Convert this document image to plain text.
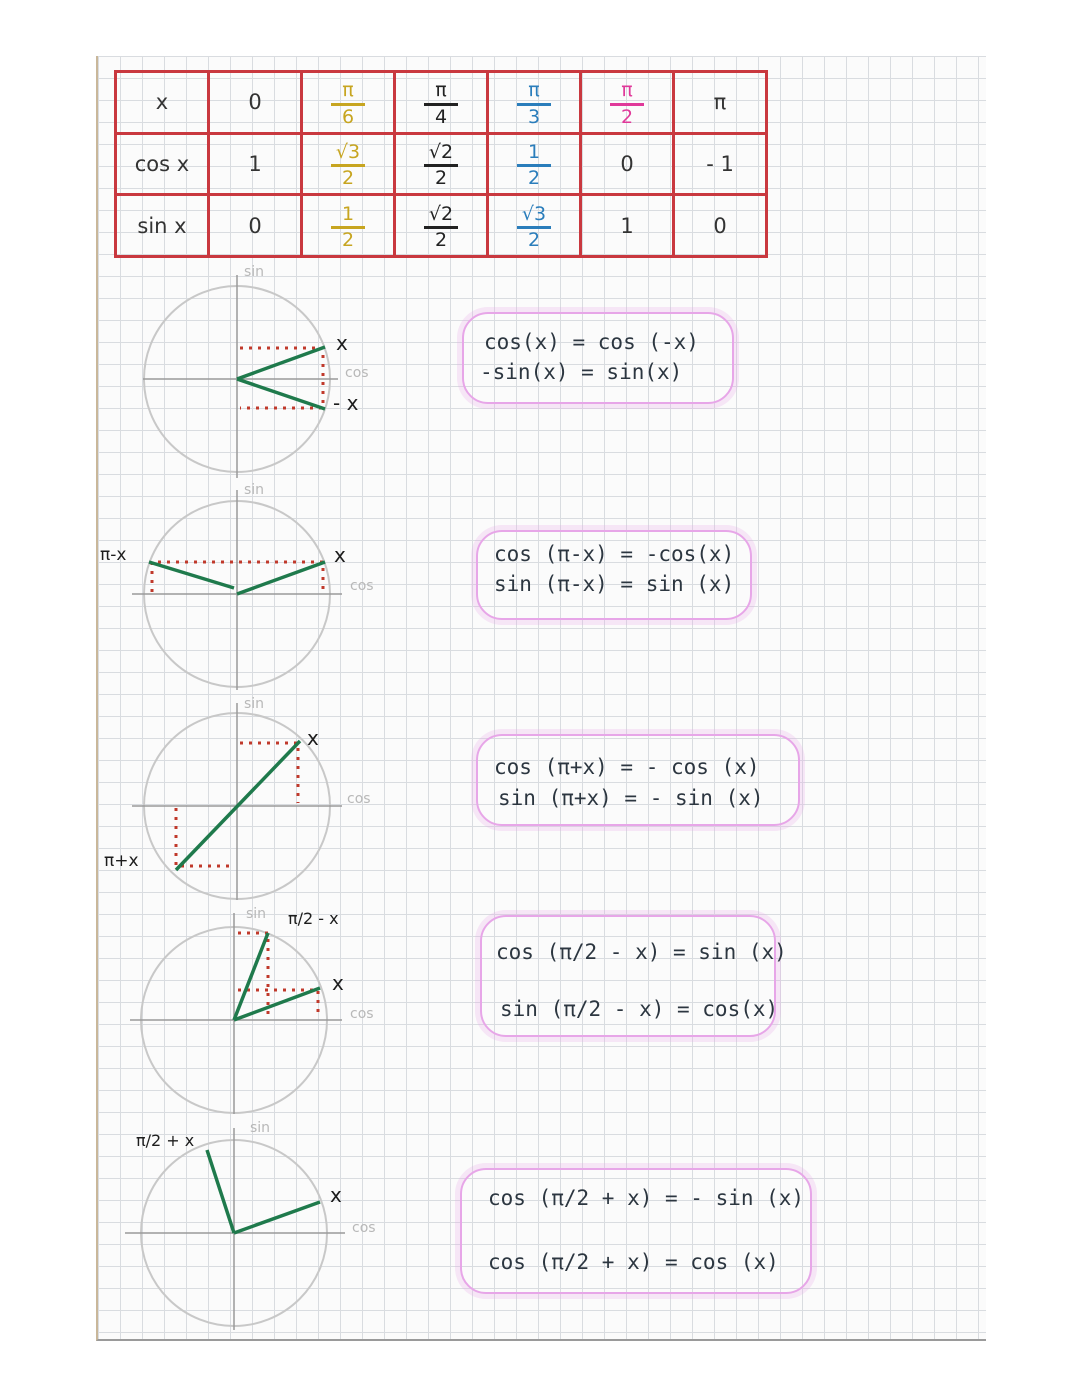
x	0	$\frac{\pi}{6}$	$\frac{\pi}{4}$	$\frac{\pi}{3}$	$\frac{\pi}{2}$	π
cos x	1	$\frac{√3}{2}$	$\frac{√2}{2}$	$\frac{1}{2}$	0	- 1
sin x	0	$\frac{1}{2}$	$\frac{√2}{2}$	$\frac{√3}{2}$	1	0
sin
cos
x
- x
sin
cos
x
π-x
sin
cos
x
π+x
sin
cos
x
π/2 - x
sin
cos
x
π/2 + x
cos(x) = cos (-x)
-sin(x) = sin(x)
cos (π-x) = -cos(x)
sin (π-x) = sin (x)
cos (π+x) = - cos (x)
sin (π+x) = - sin (x)
cos (π/2 - x) = sin (x)
sin (π/2 - x) = cos(x)
cos (π/2 + x) = - sin (x)
cos (π/2 + x) = cos (x)
